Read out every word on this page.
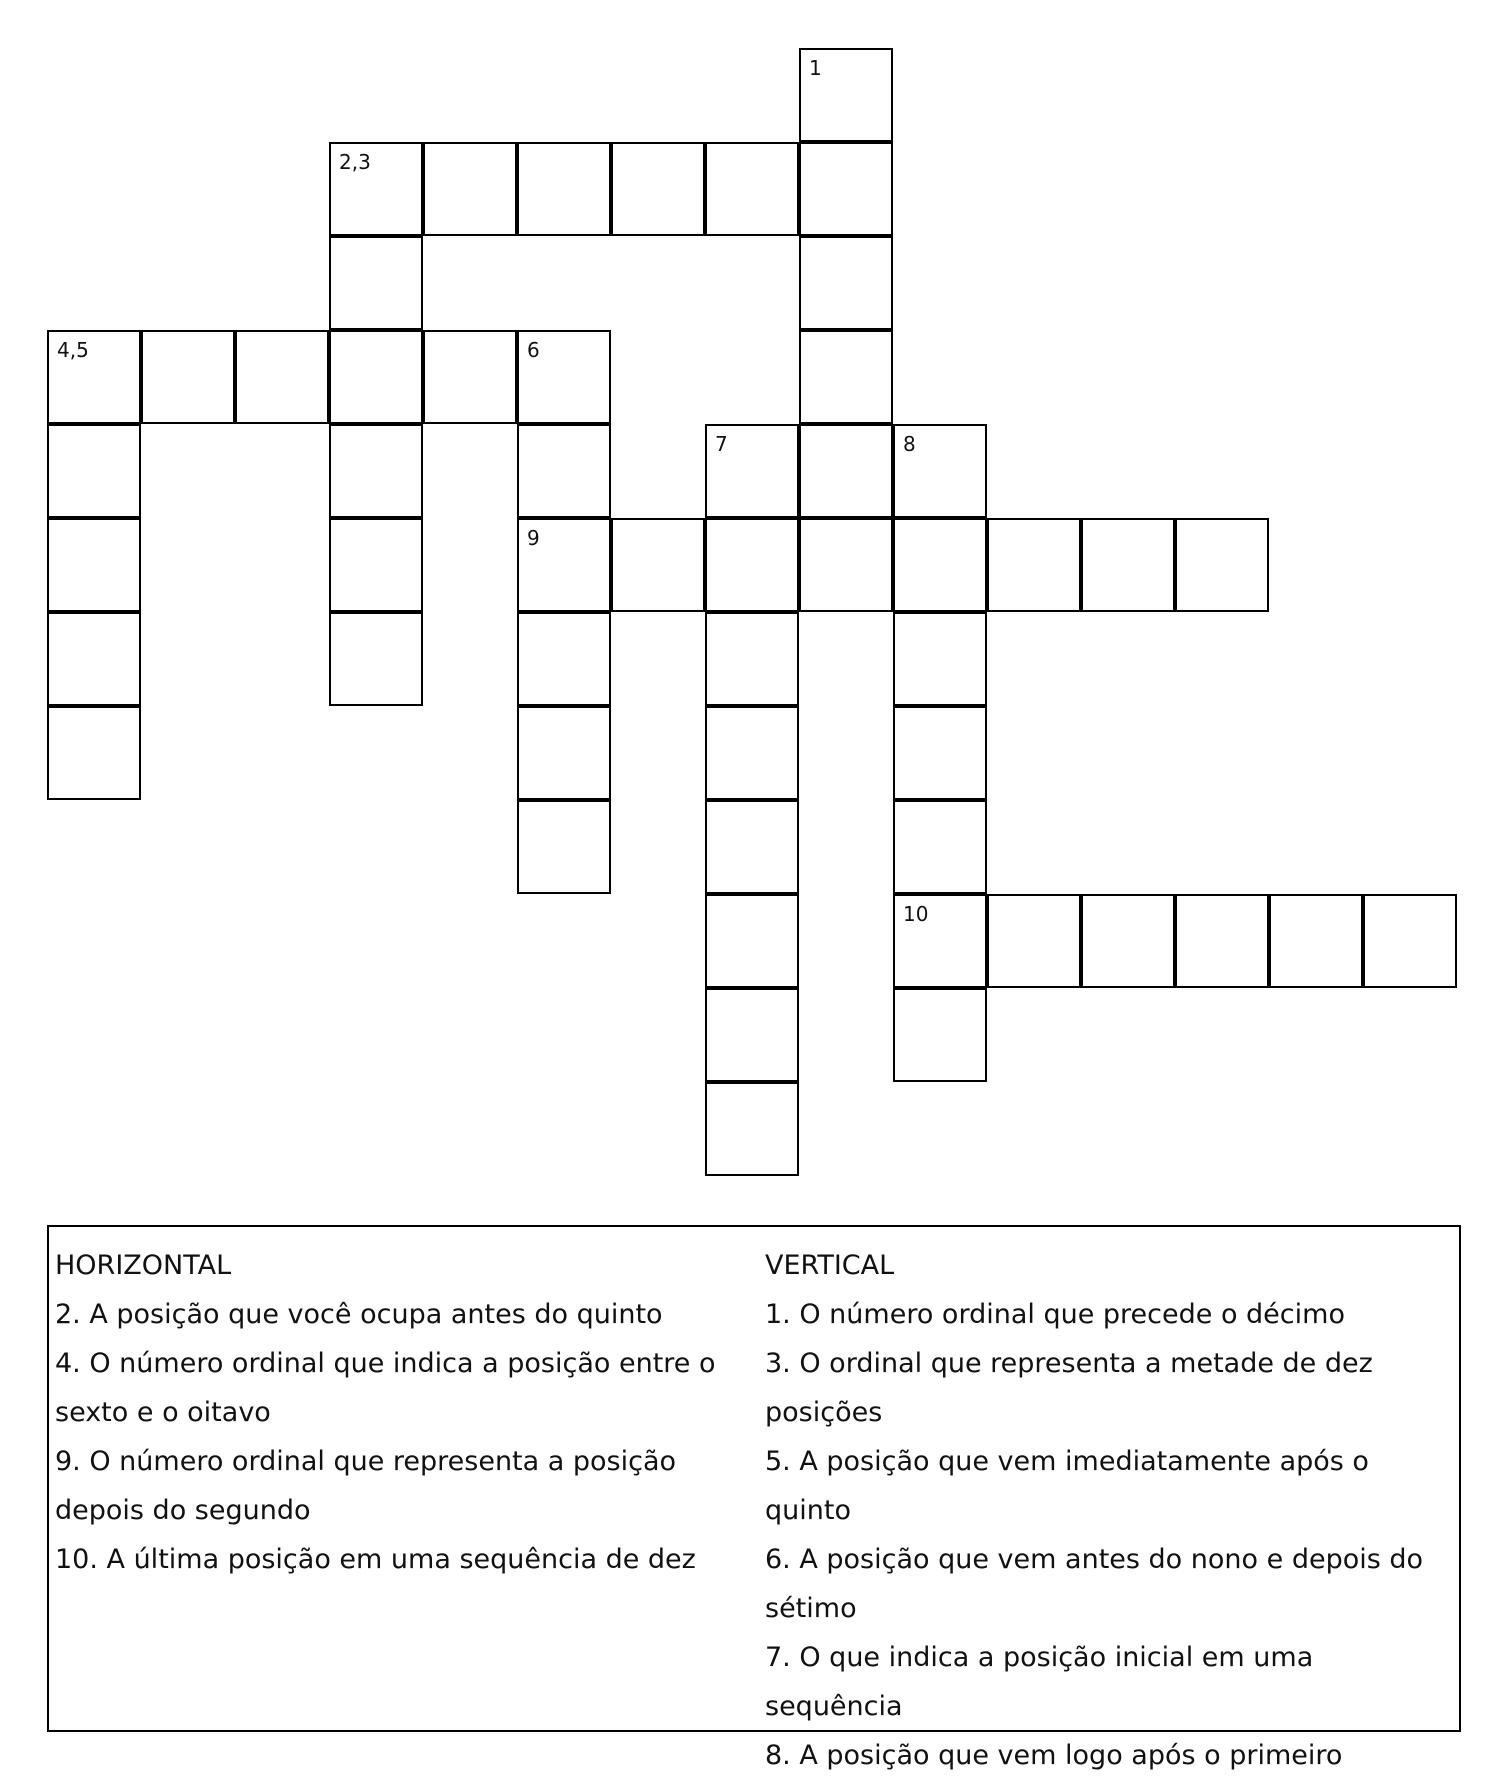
1
2,3
4,5	6
7	8
9
10
HORIZONTAL
2. A posição que você ocupa antes do quinto
4. O número ordinal que indica a posição entre o sexto e o oitavo
9. O número ordinal que representa a posição depois do segundo
10. A última posição em uma sequência de dez
VERTICAL
1. O número ordinal que precede o décimo
3. O ordinal que representa a metade de dez posições
5. A posição que vem imediatamente após o quinto
6. A posição que vem antes do nono e depois do sétimo
7. O que indica a posição inicial em uma sequência
8. A posição que vem logo após o primeiro
